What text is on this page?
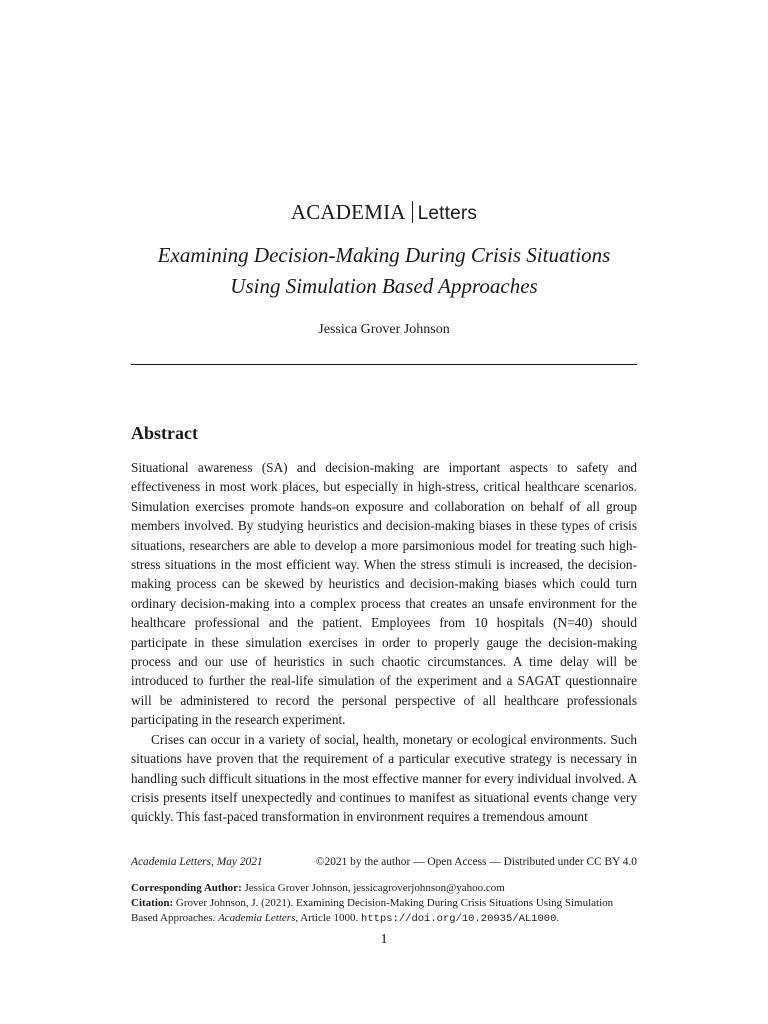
ACADEMIA Letters
Examining Decision-Making During Crisis Situations
Using Simulation Based Approaches
Jessica Grover Johnson
Abstract

Situational awareness (SA) and decision-making are important aspects to safety and effectiveness in most work places, but especially in high-stress, critical healthcare scenarios. Simulation exercises promote hands-on exposure and collaboration on behalf of all group members involved. By studying heuristics and decision-making biases in these types of crisis situations, researchers are able to develop a more parsimonious model for treating such high-stress situations in the most efficient way. When the stress stimuli is increased, the decision-making process can be skewed by heuristics and decision-making biases which could turn ordinary decision-making into a complex process that creates an unsafe environment for the healthcare professional and the patient. Employees from 10 hospitals (N=40) should participate in these simulation exercises in order to properly gauge the decision-making process and our use of heuristics in such chaotic circumstances. A time delay will be introduced to further the real-life simulation of the experiment and a SAGAT questionnaire will be administered to record the personal perspective of all healthcare professionals participating in the research experiment.

Crises can occur in a variety of social, health, monetary or ecological environments. Such situations have proven that the requirement of a particular executive strategy is necessary in handling such difficult situations in the most effective manner for every individual involved. A crisis presents itself unexpectedly and continues to manifest as situational events change very quickly. This fast-paced transformation in environment requires a tremendous amount

Academia Letters, May 2021	©2021 by the author — Open Access — Distributed under CC BY 4.0
Corresponding Author: Jessica Grover Johnson, jessicagroverjohnson@yahoo.com
Citation: Grover Johnson, J. (2021). Examining Decision-Making During Crisis Situations Using Simulation Based Approaches. Academia Letters, Article 1000. https://doi.org/10.20935/AL1000.
1
